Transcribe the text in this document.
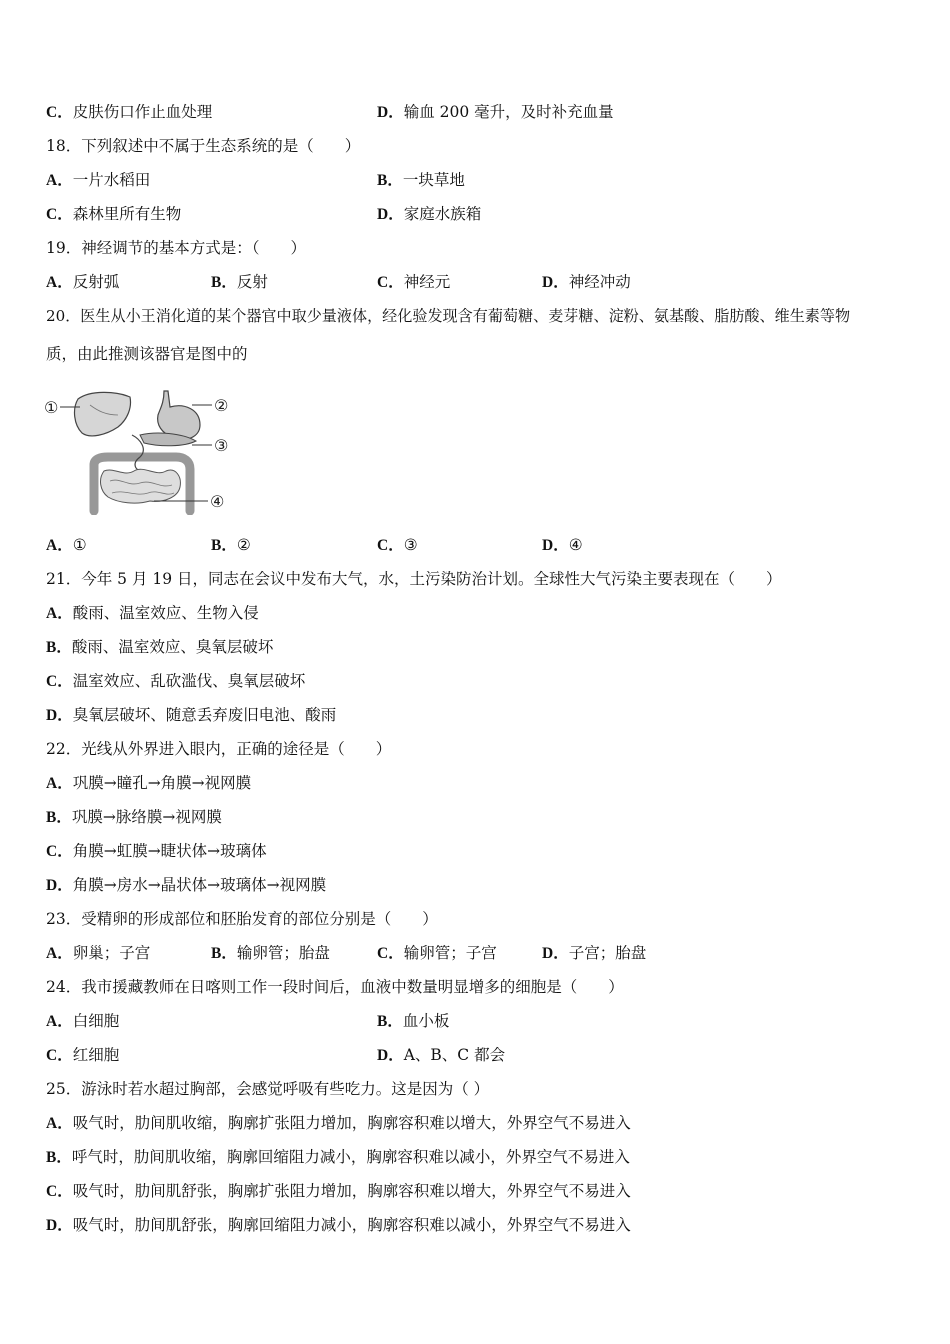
C．皮肤伤口作止血处理	D．输血 200 毫升，及时补充血量
18．下列叙述中不属于生态系统的是（　　）
A．一片水稻田	B．一块草地
C．森林里所有生物	D．家庭水族箱
19．神经调节的基本方式是：（　　）
A．反射弧	B．反射	C．神经元	D．神经冲动
20．医生从小王消化道的某个器官中取少量液体，经化验发现含有葡萄糖、麦芽糖、淀粉、氨基酸、脂肪酸、维生素等物
质，由此推测该器官是图中的
①	②
③
④
A．①	B．②	C．③	D．④
21．今年 5 月 19 日，同志在会议中发布大气，水，土污染防治计划。全球性大气污染主要表现在（　　）
A．酸雨、温室效应、生物入侵
B．酸雨、温室效应、臭氧层破坏
C．温室效应、乱砍滥伐、臭氧层破坏
D．臭氧层破坏、随意丢弃废旧电池、酸雨
22．光线从外界进入眼内，正确的途径是（　　）
A．巩膜→瞳孔→角膜→视网膜
B．巩膜→脉络膜→视网膜
C．角膜→虹膜→睫状体→玻璃体
D．角膜→房水→晶状体→玻璃体→视网膜
23．受精卵的形成部位和胚胎发育的部位分别是（　　）
A．卵巢；子宫	B．输卵管；胎盘	C．输卵管；子宫	D．子宫；胎盘
24．我市援藏教师在日喀则工作一段时间后，血液中数量明显增多的细胞是（　　）
A．白细胞	B．血小板
C．红细胞	D．A、B、C 都会
25．游泳时若水超过胸部，会感觉呼吸有些吃力。这是因为（ ）
A．吸气时，肋间肌收缩，胸廓扩张阻力增加，胸廓容积难以增大，外界空气不易进入
B．呼气时，肋间肌收缩，胸廓回缩阻力减小，胸廓容积难以减小，外界空气不易进入
C．吸气时，肋间肌舒张，胸廓扩张阻力增加，胸廓容积难以增大，外界空气不易进入
D．吸气时，肋间肌舒张，胸廓回缩阻力减小，胸廓容积难以减小，外界空气不易进入
